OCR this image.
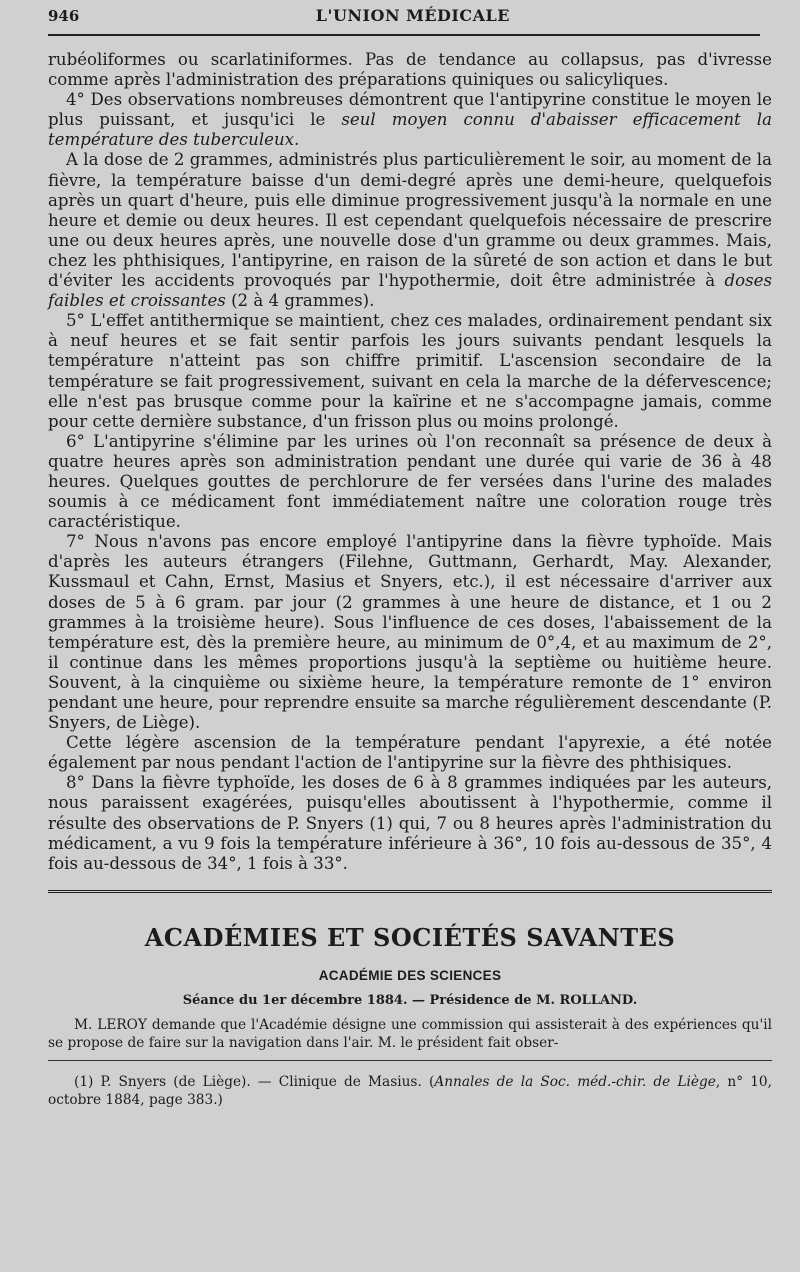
946	L'UNION MÉDICALE

rubéoliformes ou scarlatiniformes. Pas de tendance au collapsus, pas d'ivresse comme après l'administration des préparations quiniques ou salicyliques.

4° Des observations nombreuses démontrent que l'antipyrine constitue le moyen le plus puissant, et jusqu'ici le seul moyen connu d'abaisser efficacement la température des tuberculeux.

A la dose de 2 grammes, administrés plus particulièrement le soir, au moment de la fièvre, la température baisse d'un demi-degré après une demi-heure, quelquefois après un quart d'heure, puis elle diminue progressivement jusqu'à la normale en une heure et demie ou deux heures. Il est cependant quelquefois nécessaire de prescrire une ou deux heures après, une nouvelle dose d'un gramme ou deux grammes. Mais, chez les phthisiques, l'antipyrine, en raison de la sûreté de son action et dans le but d'éviter les accidents provoqués par l'hypothermie, doit être administrée à doses faibles et croissantes (2 à 4 grammes).

5° L'effet antithermique se maintient, chez ces malades, ordinairement pendant six à neuf heures et se fait sentir parfois les jours suivants pendant lesquels la température n'atteint pas son chiffre primitif. L'ascension secondaire de la température se fait progressivement, suivant en cela la marche de la défervescence; elle n'est pas brusque comme pour la kaïrine et ne s'accompagne jamais, comme pour cette dernière substance, d'un frisson plus ou moins prolongé.

6° L'antipyrine s'élimine par les urines où l'on reconnaît sa présence de deux à quatre heures après son administration pendant une durée qui varie de 36 à 48 heures. Quelques gouttes de perchlorure de fer versées dans l'urine des malades soumis à ce médicament font immédiatement naître une coloration rouge très caractéristique.

7° Nous n'avons pas encore employé l'antipyrine dans la fièvre typhoïde. Mais d'après les auteurs étrangers (Filehne, Guttmann, Gerhardt, May. Alexander, Kussmaul et Cahn, Ernst, Masius et Snyers, etc.), il est nécessaire d'arriver aux doses de 5 à 6 gram. par jour (2 grammes à une heure de distance, et 1 ou 2 grammes à la troisième heure). Sous l'influence de ces doses, l'abaissement de la température est, dès la première heure, au minimum de 0°,4, et au maximum de 2°, il continue dans les mêmes proportions jusqu'à la septième ou huitième heure. Souvent, à la cinquième ou sixième heure, la température remonte de 1° environ pendant une heure, pour reprendre ensuite sa marche régulièrement descendante (P. Snyers, de Liège).

Cette légère ascension de la température pendant l'apyrexie, a été notée également par nous pendant l'action de l'antipyrine sur la fièvre des phthisiques.

8° Dans la fièvre typhoïde, les doses de 6 à 8 grammes indiquées par les auteurs, nous paraissent exagérées, puisqu'elles aboutissent à l'hypothermie, comme il résulte des observations de P. Snyers (1) qui, 7 ou 8 heures après l'administration du médicament, a vu 9 fois la température inférieure à 36°, 10 fois au-dessous de 35°, 4 fois au-dessous de 34°, 1 fois à 33°.

ACADÉMIES ET SOCIÉTÉS SAVANTES
ACADÉMIE DES SCIENCES
Séance du 1er décembre 1884. — Présidence de M. ROLLAND.

M. LEROY demande que l'Académie désigne une commission qui assisterait à des expériences qu'il se propose de faire sur la navigation dans l'air. M. le président fait obser-

(1) P. Snyers (de Liège). — Clinique de Masius. (Annales de la Soc. méd.-chir. de Liège, n° 10, octobre 1884, page 383.)
